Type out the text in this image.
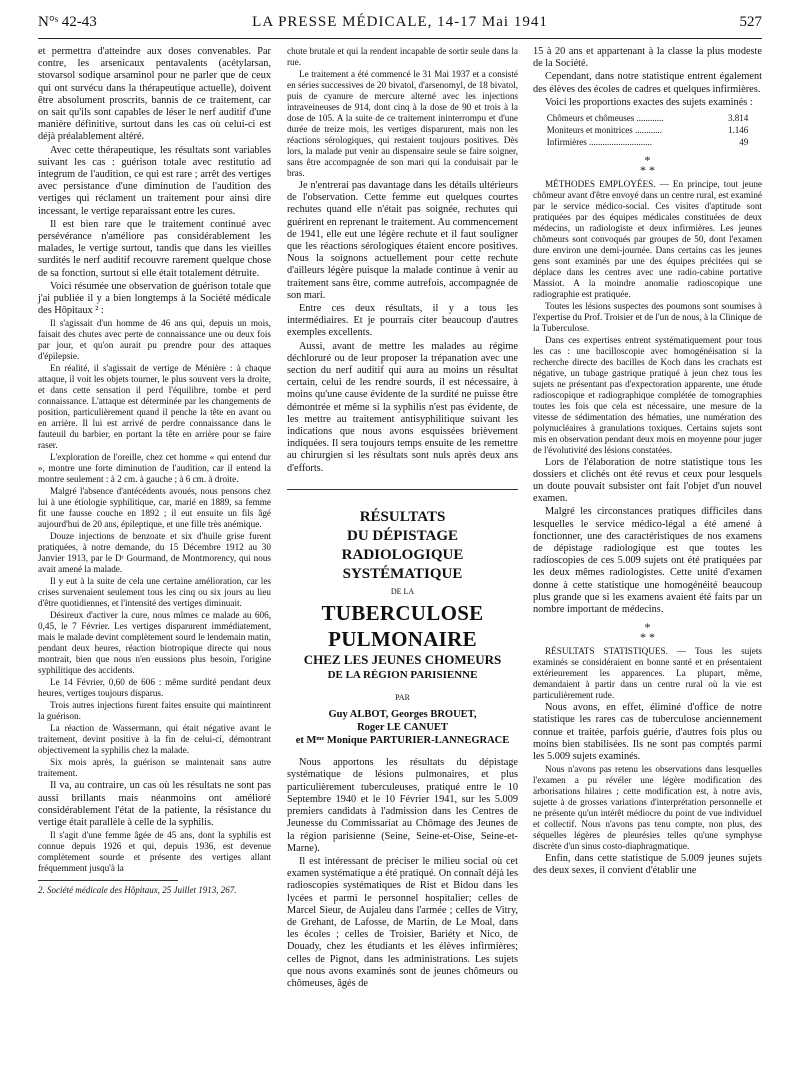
N°ˢ 42-43	LA PRESSE MÉDICALE, 14-17 Mai 1941	527

et permettra d'atteindre aux doses convenables. Par contre, les arsenicaux pentavalents (acétylarsan, stovarsol sodique arsaminol pour ne parler que de ceux qui ont survécu dans la thérapeutique actuelle), doivent être absolument proscrits, bannis de ce traitement, car on sait qu'ils sont capables de léser le nerf auditif d'une manière définitive, surtout dans les cas où celui-ci est déjà préalablement altéré.

Avec cette thérapeutique, les résultats sont variables suivant les cas : guérison totale avec restitutio ad integrum de l'audition, ce qui est rare ; arrêt des vertiges avec persistance d'une diminution de l'audition des vertiges qui réclament un traitement pour ainsi dire incessant, le vertige reparaissant entre les cures.

Il est bien rare que le traitement continué avec persévérance n'améliore pas considérablement les malades, le vertige surtout, tandis que dans les vieilles surdités le nerf auditif recouvre rarement quelque chose de sa fonction, surtout si elle était totalement détruite.

Voici résumée une observation de guérison totale que j'ai publiée il y a bien longtemps à la Société médicale des Hôpitaux ² :

Il s'agissait d'un homme de 46 ans qui, depuis un mois, faisait des chutes avec perte de connaissance une ou deux fois par jour, et qu'on aurait pu prendre pour des attaques d'épilepsie.

En réalité, il s'agissait de vertige de Ménière : à chaque attaque, il voit les objets tourner, le plus souvent vers la droite, et dans cette sensation il perd l'équilibre, tombe et perd connaissance. L'attaque est déterminée par les changements de position, particulièrement quand il penche la tête en avant ou en arrière. Il lui est arrivé de perdre connaissance dans le fauteuil du barbier, en portant la tête en arrière pour se faire raser.

L'exploration de l'oreille, chez cet homme « qui entend dur », montre une forte diminution de l'audition, car il entend la montre seulement : à 2 cm. à gauche ; à 6 cm. à droite.

Malgré l'absence d'antécédents avoués, nous pensons chez lui à une étiologie syphilitique, car, marié en 1889, sa femme fit une fausse couche en 1892 ; il eut ensuite un fils âgé aujourd'hui de 20 ans, épileptique, et une fille très anémique.

Douze injections de benzoate et six d'huile grise furent pratiquées, à notre demande, du 15 Décembre 1912 au 30 Janvier 1913, par le Dʳ Gourmand, de Montmorency, qui nous avait amené la malade.

Il y eut à la suite de cela une certaine amélioration, car les crises survenaient seulement tous les cinq ou six jours au lieu d'être quotidiennes, et l'intensité des vertiges diminuait.

Désireux d'activer la cure, nous mîmes ce malade au 606, 0,45, le 7 Février. Les vertiges disparurent immédiatement, mais le malade devint complètement sourd le lendemain matin, pendant deux heures, réaction biotropique directe qui nous montrait, bien que nous n'en eussions plus besoin, l'origine syphilitique des accidents.

Le 14 Février, 0,60 de 606 : même surdité pendant deux heures, vertiges toujours disparus.

Trois autres injections furent faites ensuite qui maintinrent la guérison.

La réaction de Wassermann, qui était négative avant le traitement, devint positive à la fin de celui-ci, démontrant objectivement la syphilis chez la malade.

Six mois après, la guérison se maintenait sans autre traitement.

Il va, au contraire, un cas où les résultats ne sont pas aussi brillants mais néanmoins ont amélioré considérablement l'état de la patiente, la résistance du vertige était parallèle à celle de la syphilis.

Il s'agit d'une femme âgée de 45 ans, dont la syphilis est connue depuis 1926 et qui, depuis 1936, est devenue complètement sourde et présente des vertiges allant fréquemment jusqu'à la

2. Société médicale des Hôpitaux, 25 Juillet 1913, 267.

chute brutale et qui la rendent incapable de sortir seule dans la rue.

Le traitement a été commencé le 31 Mai 1937 et a consisté en séries successives de 20 bivatol, d'arsenomyl, de 18 bivatol, puis de cyanure de mercure alterné avec les injections intraveineuses de 914, dont cinq à la dose de 90 et trois à la dose de 105. A la suite de ce traitement ininterrompu et d'une durée de treize mois, les vertiges disparurent, mais non les réactions sérologiques, qui restaient toujours positives. Dès lors, la malade put venir au dispensaire seule se faire soigner, sans être accompagnée de son mari qui la conduisait par le bras.

Je n'entrerai pas davantage dans les détails ultérieurs de l'observation. Cette femme eut quelques courtes rechutes quand elle n'était pas soignée, rechutes qui guérirent en reprenant le traitement. Au commencement de 1941, elle eut une légère rechute et il faut souligner que les réactions sérologiques étaient encore positives. Nous la soignons actuellement pour cette rechute d'ailleurs légère puisque la malade continue à venir au traitement sans être, comme autrefois, accompagnée de son mari.

Entre ces deux résultats, il y a tous les intermédiaires. Et je pourrais citer beaucoup d'autres exemples excellents.

Aussi, avant de mettre les malades au régime déchloruré ou de leur proposer la trépanation avec une section du nerf auditif qui aura au moins un résultat certain, celui de les rendre sourds, il est nécessaire, à moins qu'une cause évidente de la surdité ne puisse être démontrée et même si la syphilis n'est pas évidente, de les mettre au traitement antisyphilitique suivant les indications que nous avons esquissées brièvement indiquées. Il sera toujours temps ensuite de les remettre au chirurgien si les résultats sont nuls après deux ans d'efforts.

RÉSULTATS
DU DÉPISTAGE RADIOLOGIQUE
SYSTÉMATIQUE
DE LA
TUBERCULOSE PULMONAIRE
CHEZ LES JEUNES CHOMEURS
DE LA RÉGION PARISIENNE
PAR
Guy ALBOT, Georges BROUET,
Roger LE CANUET
et Mᵐᵉ Monique PARTURIER-LANNEGRACE

Nous apportons les résultats du dépistage systématique de lésions pulmonaires, et plus particulièrement tuberculeuses, pratiqué entre le 10 Septembre 1940 et le 10 Février 1941, sur les 5.009 premiers candidats à l'admission dans les Centres de Jeunesse du Commissariat au Chômage des Jeunes de la région parisienne (Seine, Seine-et-Oise, Seine-et-Marne).

Il est intéressant de préciser le milieu social où cet examen systématique a été pratiqué. On connaît déjà les radioscopies systématiques de Rist et Bidou dans les lycées et parmi le personnel hospitalier; celles de Marcel Sieur, de Aujaleu dans l'armée ; celles de Vitry, de Grehant, de Lafosse, de Martin, de Le Moal, dans les écoles ; celles de Troisier, Bariéty et Nico, de Douady, chez les étudiants et les élèves infirmières; celles de Pignot, dans les administrations. Les sujets que nous avons examinés sont de jeunes chômeurs ou chômeuses, âgés de

15 à 20 ans et appartenant à la classe la plus modeste de la Société.

Cependant, dans notre statistique entrent également des élèves des écoles de cadres et quelques infirmières.

Voici les proportions exactes des sujets examinés :

Chômeurs et chômeuses ............	3.814
Moniteurs et monitrices ............	1.146
Infirmières ............................	49
*
* *

MÉTHODES EMPLOYÉES. — En principe, tout jeune chômeur avant d'être envoyé dans un centre rural, est examiné par le service médico-social. Ces visites d'aptitude sont pratiquées par des équipes médicales constituées de deux médecins, un radiologiste et deux infirmières. Les jeunes chômeurs sont convoqués par groupes de 50, dont l'examen dure environ une demi-journée. Dans certains cas les jeunes gens sont examinés par une des équipes précitées qui se déplace dans les centres avec une radio-cabine portative Massiot. A la moindre anomalie radioscopique une radiographie est pratiquée.

Toutes les lésions suspectes des poumons sont soumises à l'expertise du Prof. Troisier et de l'un de nous, à la Clinique de la Tuberculose.

Dans ces expertises entrent systématiquement pour tous les cas : une bacilloscopie avec homogénéisation si la recherche directe des bacilles de Koch dans les crachats est négative, un tubage gastrique pratiqué à jeun chez tous les sujets ne présentant pas d'expectoration apparente, une étude radioscopique et radiographique complétée de tomographies toutes les fois que cela est nécessaire, une mesure de la vitesse de sédimentation des hématies, une numération des polynucléaires à granulations toxiques. Certains sujets sont mis en observation pendant deux mois en moyenne pour juger de l'évolutivité des lésions constatées.

Lors de l'élaboration de notre statistique tous les dossiers et clichés ont été revus et ceux pour lesquels un doute pouvait subsister ont fait l'objet d'un nouvel examen.

Malgré les circonstances pratiques difficiles dans lesquelles le service médico-légal a été amené à fonctionner, une des caractéristiques de nos examens de dépistage radiologique est que toutes les radioscopies de ces 5.009 sujets ont été pratiquées par les deux mêmes radiologistes. Cette unité d'examen donne à cette statistique une homogénéité beaucoup plus grande que si les examens avaient été faits par un nombre important de médecins.

*
* *

RÉSULTATS STATISTIQUES. — Tous les sujets examinés se considéraient en bonne santé et en présentaient extérieurement les apparences. La plupart, même, demandaient à partir dans un centre rural où la vie est particulièrement rude.

Nous avons, en effet, éliminé d'office de notre statistique les rares cas de tuberculose anciennement connue et traitée, parfois guérie, d'autres fois plus ou moins bien stabilisées. Ils ne sont pas comptés parmi les 5.009 sujets examinés.

Nous n'avons pas retenu les observations dans lesquelles l'examen a pu révéler une légère modification des arborisations hilaires ; cette modification est, à notre avis, sujette à de grosses variations d'interprétation personnelle et ne présente qu'un intérêt médiocre du point de vue individuel et collectif. Nous n'avons pas tenu compte, non plus, des séquelles légères de pleurésies telles qu'une symphyse discrète d'un sinus costo-diaphragmatique.

Enfin, dans cette statistique de 5.009 jeunes sujets des deux sexes, il convient d'établir une
